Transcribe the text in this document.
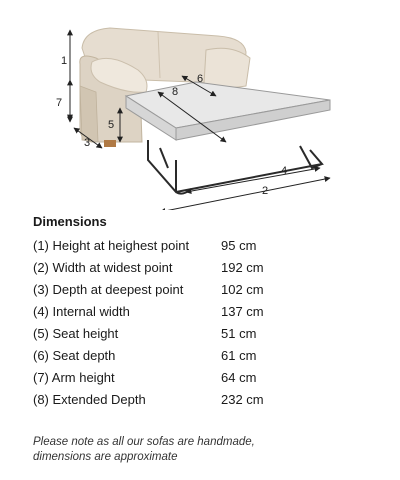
1
7
5
3
8
6
4
2
Dimensions
(1) Height at heighest point 95 cm
(2) Width at widest point	192 cm
(3) Depth at deepest point	102 cm
(4) Internal width	137 cm
(5) Seat height	51 cm
(6) Seat depth	61 cm
(7) Arm height	64 cm
(8) Extended Depth	232 cm
Please note as all our sofas are handmade,
dimensions are approximate
